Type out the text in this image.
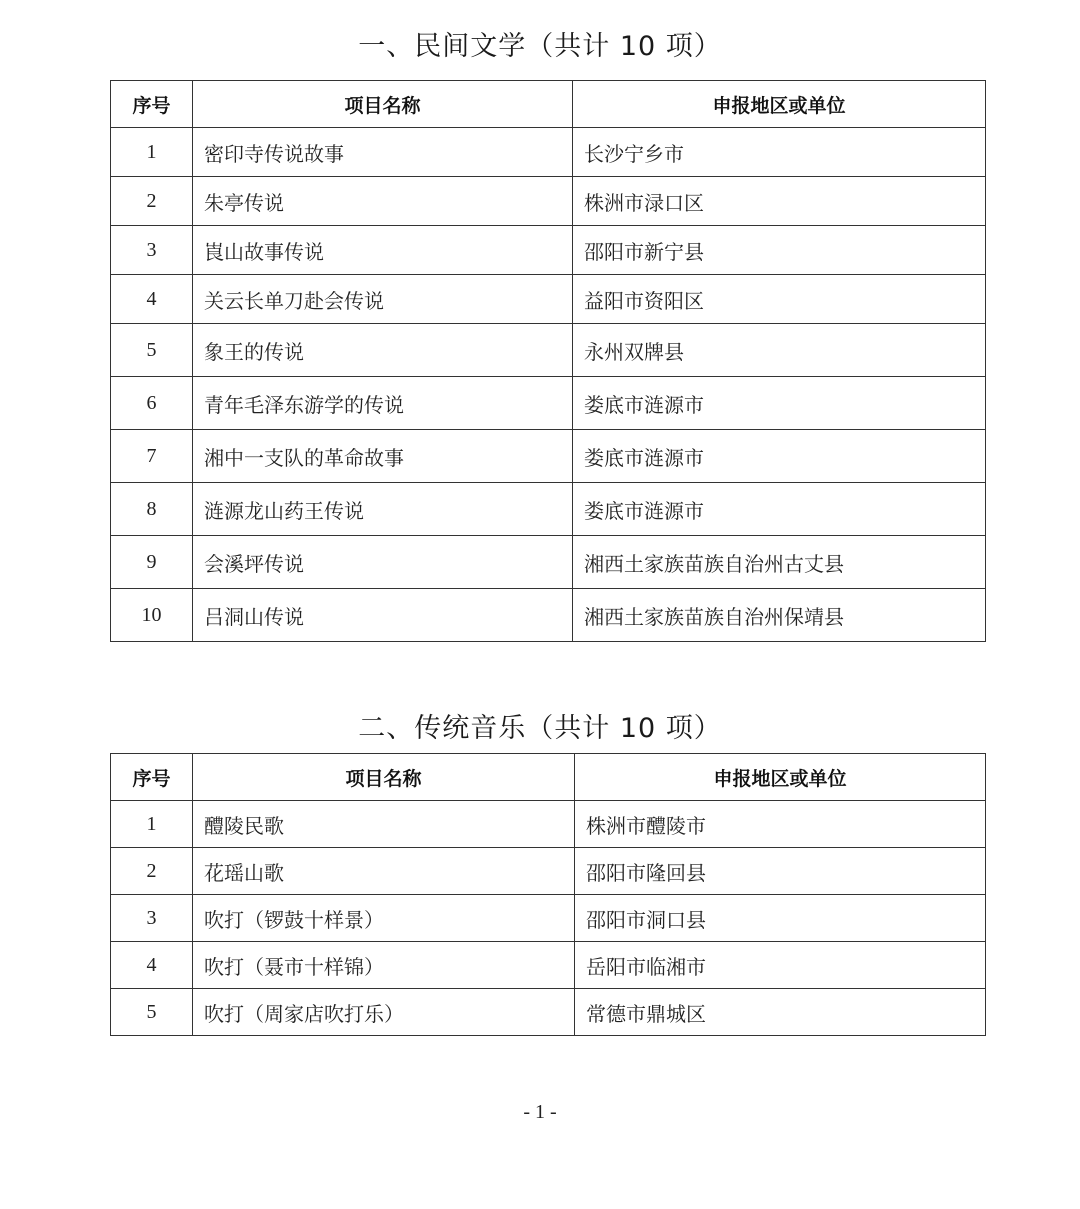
一、民间文学（共计 10 项）
序号	项目名称	申报地区或单位
1	密印寺传说故事	长沙宁乡市
2	朱亭传说	株洲市渌口区
3	崀山故事传说	邵阳市新宁县
4	关云长单刀赴会传说	益阳市资阳区
5	象王的传说	永州双牌县
6	青年毛泽东游学的传说	娄底市涟源市
7	湘中一支队的革命故事	娄底市涟源市
8	涟源龙山药王传说	娄底市涟源市
9	会溪坪传说	湘西土家族苗族自治州古丈县
10	吕洞山传说	湘西土家族苗族自治州保靖县
二、传统音乐（共计 10 项）
序号	项目名称	申报地区或单位
1	醴陵民歌	株洲市醴陵市
2	花瑶山歌	邵阳市隆回县
3	吹打（锣鼓十样景）	邵阳市洞口县
4	吹打（聂市十样锦）	岳阳市临湘市
5	吹打（周家店吹打乐）	常德市鼎城区
- 1 -
